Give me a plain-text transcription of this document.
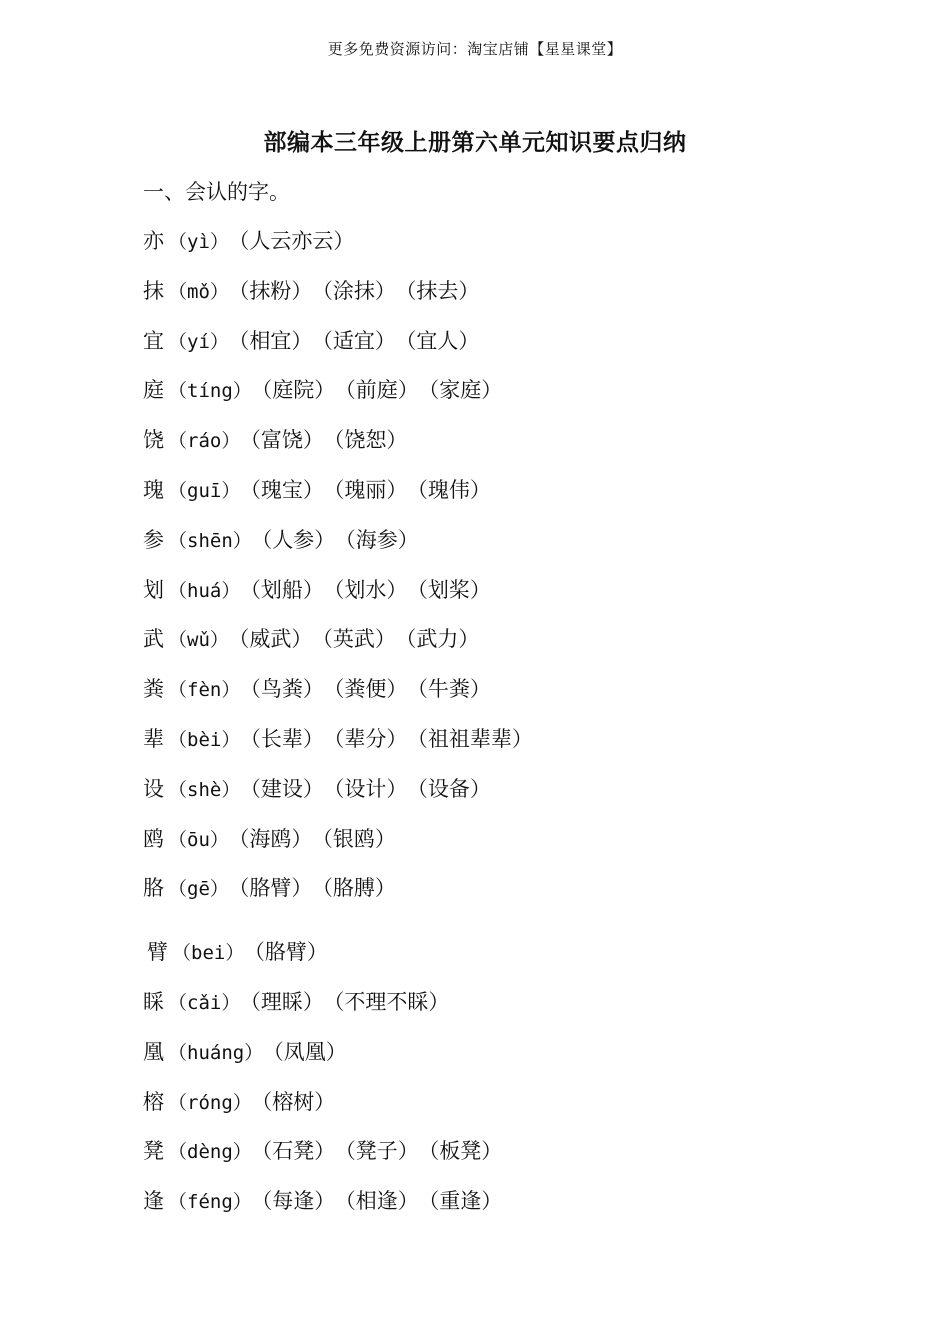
更多免费资源访问：淘宝店铺【星星课堂】
部编本三年级上册第六单元知识要点归纳
一、会认的字。
亦 （yì） （人云亦云）
抹 （mǒ） （抹粉） （涂抹） （抹去）
宜 （yí） （相宜） （适宜） （宜人）
庭 （tíng） （庭院） （前庭） （家庭）
饶 （ráo） （富饶） （饶恕）
瑰 （guī） （瑰宝） （瑰丽） （瑰伟）
参 （shēn） （人参） （海参）
划 （huá） （划船） （划水） （划桨）
武 （wǔ） （威武） （英武） （武力）
粪 （fèn） （鸟粪） （粪便） （牛粪）
辈 （bèi） （长辈） （辈分） （祖祖辈辈）
设 （shè） （建设） （设计） （设备）
鸥 （ōu） （海鸥） （银鸥）
胳 （gē） （胳臂） （胳膊）
臂 （bei） （胳臂）
睬 （cǎi） （理睬） （不理不睬）
凰 （huáng） （凤凰）
榕 （róng） （榕树）
凳 （dèng） （石凳） （凳子） （板凳）
逢 （féng） （每逢） （相逢） （重逢）
